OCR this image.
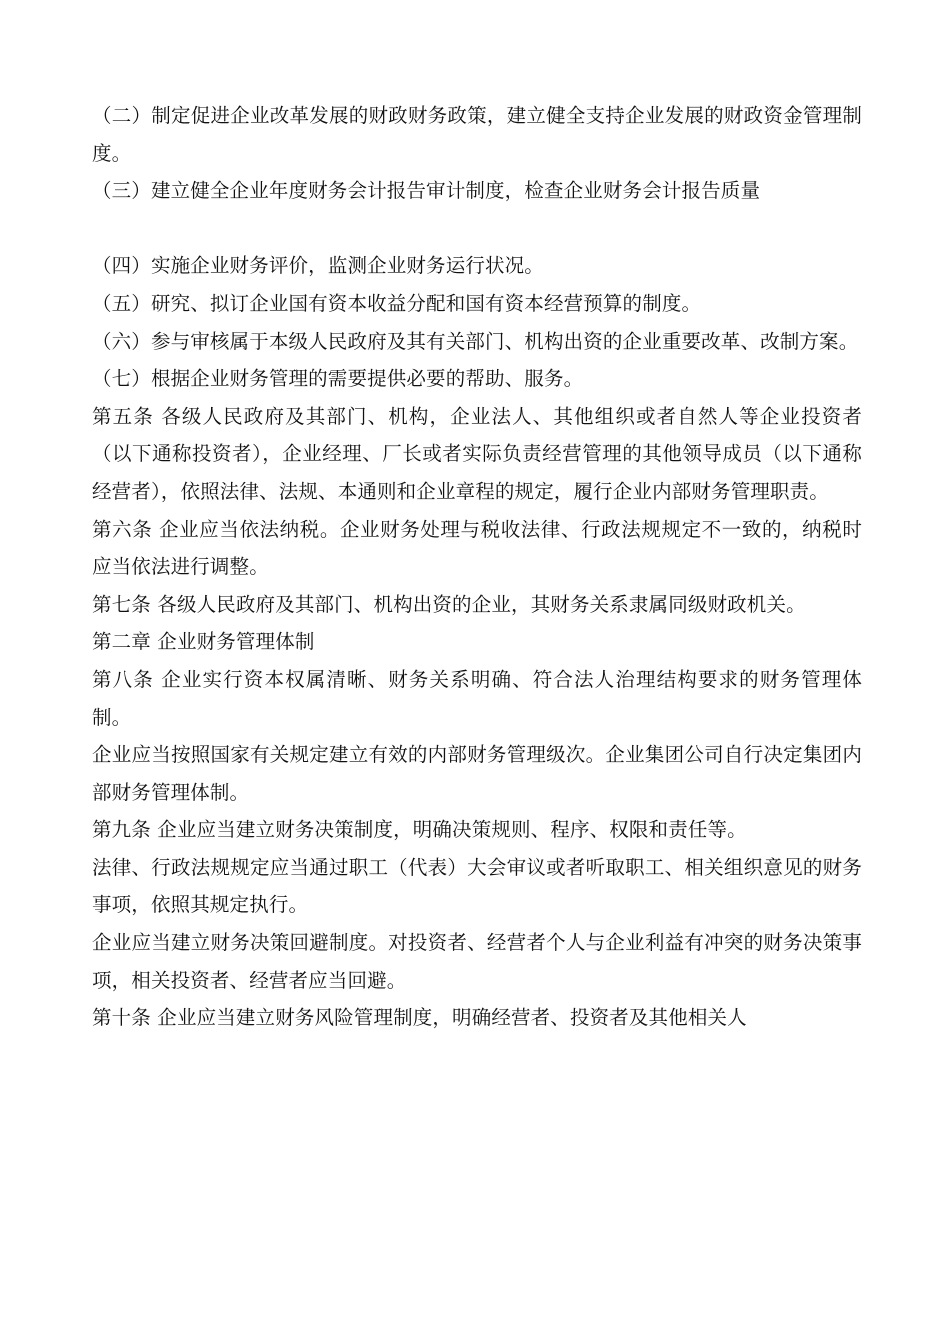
（二）制定促进企业改革发展的财政财务政策，建立健全支持企业发展的财政资金管理制度。

（三）建立健全企业年度财务会计报告审计制度，检查企业财务会计报告质量

（四）实施企业财务评价，监测企业财务运行状况。

（五）研究、拟订企业国有资本收益分配和国有资本经营预算的制度。

（六）参与审核属于本级人民政府及其有关部门、机构出资的企业重要改革、改制方案。

（七）根据企业财务管理的需要提供必要的帮助、服务。

第五条 各级人民政府及其部门、机构，企业法人、其他组织或者自然人等企业投资者（以下通称投资者），企业经理、厂长或者实际负责经营管理的其他领导成员（以下通称经营者），依照法律、法规、本通则和企业章程的规定，履行企业内部财务管理职责。

第六条 企业应当依法纳税。企业财务处理与税收法律、行政法规规定不一致的，纳税时应当依法进行调整。

第七条 各级人民政府及其部门、机构出资的企业，其财务关系隶属同级财政机关。

第二章 企业财务管理体制

第八条 企业实行资本权属清晰、财务关系明确、符合法人治理结构要求的财务管理体制。

企业应当按照国家有关规定建立有效的内部财务管理级次。企业集团公司自行决定集团内部财务管理体制。

第九条 企业应当建立财务决策制度，明确决策规则、程序、权限和责任等。

法律、行政法规规定应当通过职工（代表）大会审议或者听取职工、相关组织意见的财务事项，依照其规定执行。

企业应当建立财务决策回避制度。对投资者、经营者个人与企业利益有冲突的财务决策事项，相关投资者、经营者应当回避。

第十条 企业应当建立财务风险管理制度，明确经营者、投资者及其他相关人
